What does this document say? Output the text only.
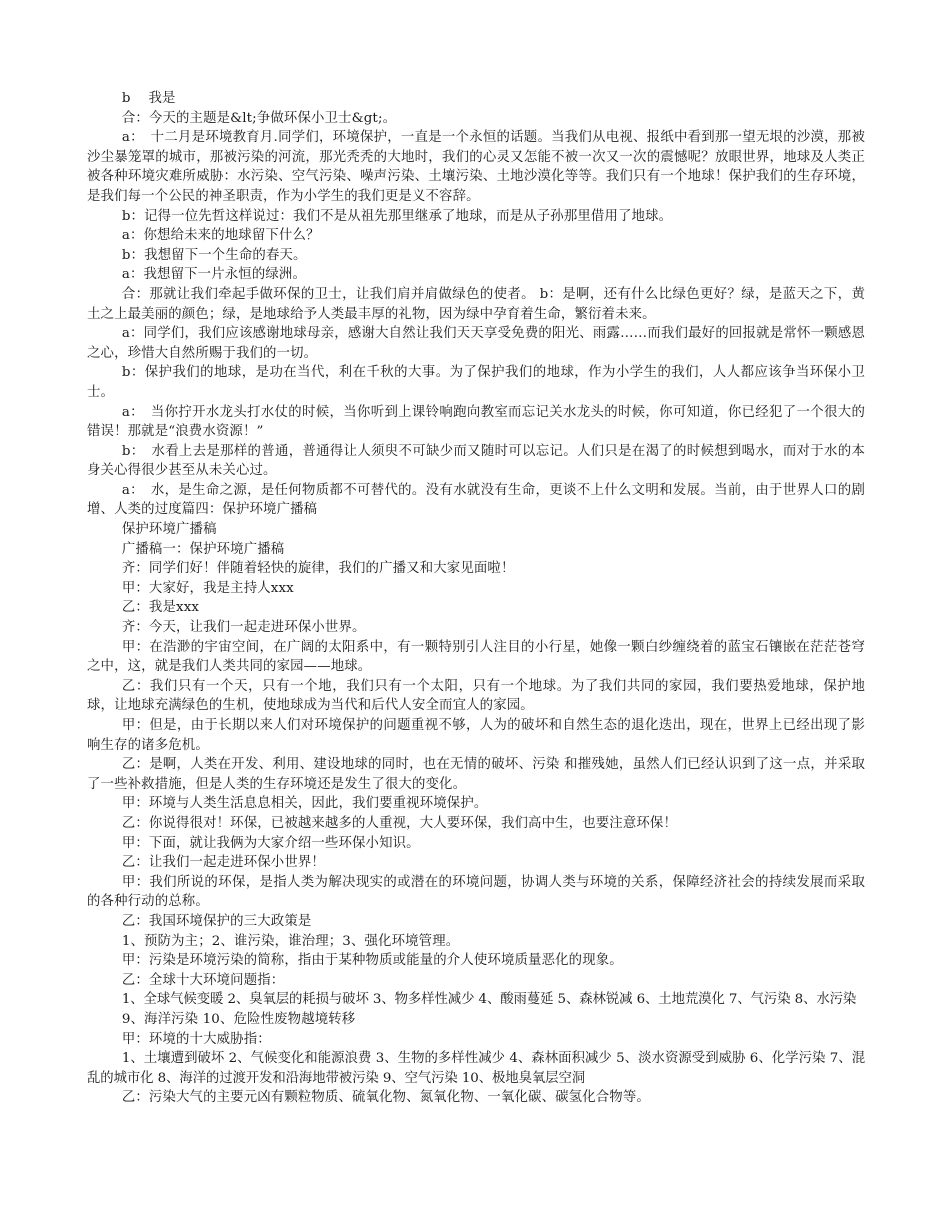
b　 我是

合：今天的主题是&lt;争做环保小卫士&gt;。

a：　十二月是环境教育月.同学们，环境保护，一直是一个永恒的话题。当我们从电视、报纸中看到那一望无垠的沙漠，那被沙尘暴笼罩的城市，那被污染的河流，那光秃秃的大地时，我们的心灵又怎能不被一次又一次的震憾呢？放眼世界，地球及人类正被各种环境灾难所威胁：水污染、空气污染、噪声污染、土壤污染、土地沙漠化等等。我们只有一个地球！保护我们的生存环境，是我们每一个公民的神圣职责，作为小学生的我们更是义不容辞。

b：记得一位先哲这样说过：我们不是从祖先那里继承了地球，而是从子孙那里借用了地球。

a：你想给未来的地球留下什么？

b：我想留下一个生命的春天。

a：我想留下一片永恒的绿洲。

合：那就让我们牵起手做环保的卫士，让我们肩并肩做绿色的使者。 b：是啊，还有什么比绿色更好？绿，是蓝天之下，黄土之上最美丽的颜色；绿，是地球给予人类最丰厚的礼物，因为绿中孕育着生命，繁衍着未来。

a：同学们，我们应该感谢地球母亲，感谢大自然让我们天天享受免费的阳光、雨露……而我们最好的回报就是常怀一颗感恩之心，珍惜大自然所赐于我们的一切。

b：保护我们的地球，是功在当代，利在千秋的大事。为了保护我们的地球，作为小学生的我们，人人都应该争当环保小卫士。

a：　当你拧开水龙头打水仗的时候，当你听到上课铃响跑向教室而忘记关水龙头的时候，你可知道，你已经犯了一个很大的错误！那就是“浪费水资源！”

b：　水看上去是那样的普通，普通得让人须臾不可缺少而又随时可以忘记。人们只是在渴了的时候想到喝水，而对于水的本身关心得很少甚至从未关心过。

a：　水，是生命之源，是任何物质都不可替代的。没有水就没有生命，更谈不上什么文明和发展。当前，由于世界人口的剧增、人类的过度篇四：保护环境广播稿

保护环境广播稿

广播稿一：保护环境广播稿

齐：同学们好！伴随着轻快的旋律，我们的广播又和大家见面啦！

甲：大家好，我是主持人xxx

乙：我是xxx

齐：今天，让我们一起走进环保小世界。

甲：在浩渺的宇宙空间，在广阔的太阳系中，有一颗特别引人注目的小行星，她像一颗白纱缠绕着的蓝宝石镶嵌在茫茫苍穹之中，这，就是我们人类共同的家园——地球。

乙：我们只有一个天，只有一个地，我们只有一个太阳，只有一个地球。为了我们共同的家园，我们要热爱地球，保护地球，让地球充满绿色的生机，使地球成为当代和后代人安全而宜人的家园。

甲：但是，由于长期以来人们对环境保护的问题重视不够，人为的破坏和自然生态的退化迭出，现在，世界上已经出现了影响生存的诸多危机。

乙：是啊，人类在开发、利用、建设地球的同时，也在无情的破坏、污染 和摧残她，虽然人们已经认识到了这一点，并采取了一些补救措施，但是人类的生存环境还是发生了很大的变化。

甲：环境与人类生活息息相关，因此，我们要重视环境保护。

乙：你说得很对！环保，已被越来越多的人重视，大人要环保，我们高中生，也要注意环保！

甲：下面，就让我俩为大家介绍一些环保小知识。

乙：让我们一起走进环保小世界！

甲：我们所说的环保，是指人类为解决现实的或潜在的环境问题，协调人类与环境的关系，保障经济社会的持续发展而采取的各种行动的总称。

乙：我国环境保护的三大政策是

1、预防为主；2、谁污染，谁治理；3、强化环境管理。

甲：污染是环境污染的简称，指由于某种物质或能量的介人使环境质量恶化的现象。

乙：全球十大环境问题指：

1、全球气候变暖 2、臭氧层的耗损与破坏 3、物多样性减少 4、酸雨蔓延 5、森林锐减 6、土地荒漠化 7、气污染 8、水污染

9、海洋污染 10、危险性废物越境转移

甲：环境的十大威胁指：

1、土壤遭到破坏 2、气候变化和能源浪费 3、生物的多样性减少 4、森林面积减少 5、淡水资源受到威胁 6、化学污染 7、混乱的城市化 8、海洋的过渡开发和沿海地带被污染 9、空气污染 10、极地臭氧层空洞

乙：污染大气的主要元凶有颗粒物质、硫氧化物、氮氧化物、一氧化碳、碳氢化合物等。
